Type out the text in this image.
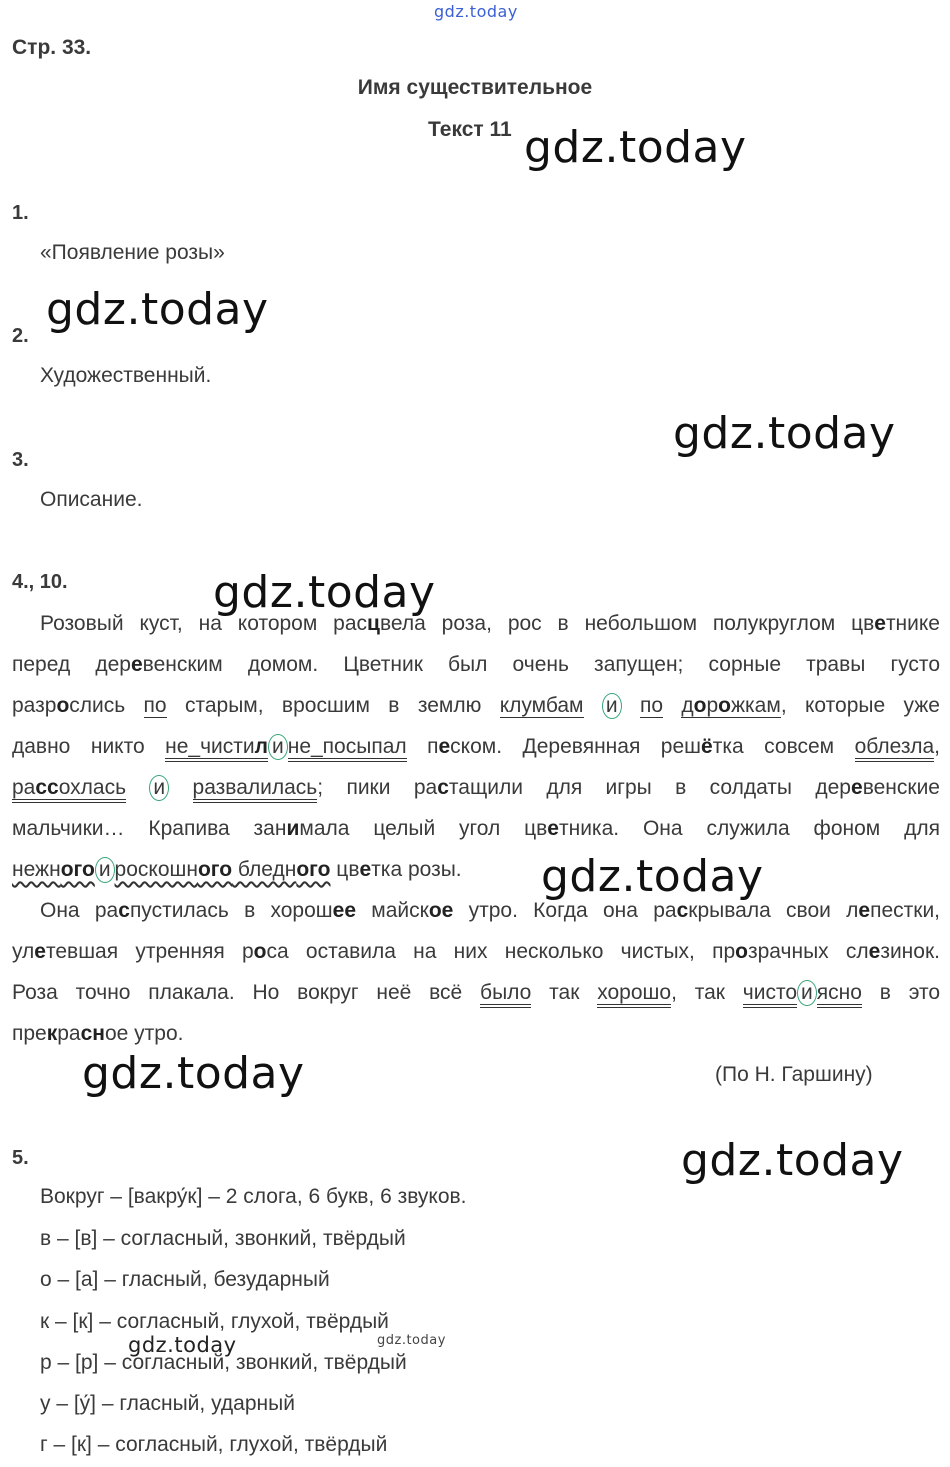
gdz.today
gdz.today
gdz.today
gdz.today
gdz.today
gdz.today
gdz.today
gdz.today
gdz.today	gdz.today
Стр. 33.
Имя существительное
Текст 11
1.
«Появление розы»
2.
Художественный.
3.
Описание.
4., 10.
Розовый куст, на котором расцвела роза, рос в небольшом полукруглом цветнике
перед деревенским домом. Цветник был очень запущен; сорные травы густо
разрослись по старым, вросшим в землю клумбам и по дорожкам, которые уже
давно никто не_чистил и не_посыпал песком. Деревянная решётка совсем облезла,
рассохлась и развалилась; пики растащили для игры в солдаты деревенские
мальчики… Крапива занимала целый угол цветника. Она служила фоном для
нежного и роскошного бледного цветка розы.
Она распустилась в хорошее майское утро. Когда она раскрывала свои лепестки,
улетевшая утренняя роса оставила на них несколько чистых, прозрачных слезинок.
Роза точно плакала. Но вокруг неё всё было так хорошо, так чисто и ясно в это
прекрасное утро.
(По Н. Гаршину)
5.
Вокруг – [вакру́к] – 2 слога, 6 букв, 6 звуков.
в – [в] – согласный, звонкий, твёрдый
о – [а] – гласный, безударный
к – [к] – согласный, глухой, твёрдый
р – [р] – согласный, звонкий, твёрдый
у – [у́] – гласный, ударный
г – [к] – согласный, глухой, твёрдый
